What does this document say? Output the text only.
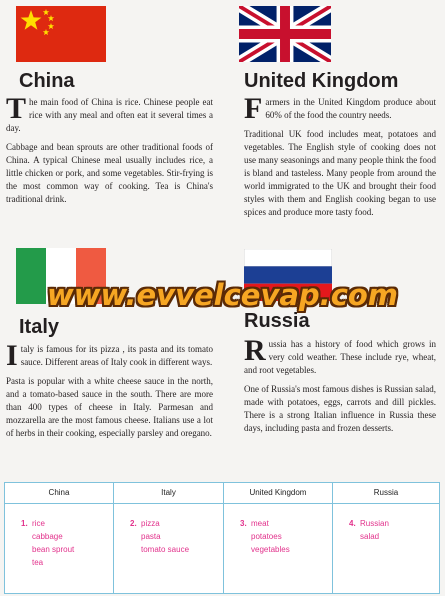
China

The main food of China is rice. Chinese people eat rice with any meal and often eat it several times a day.

Cabbage and bean sprouts are other traditional foods of China. A typical Chinese meal usually includes rice, a little chicken or pork, and some vegetables. Stir-frying is the most common way of cooking. Tea is China's traditional drink.

United Kingdom

Farmers in the United Kingdom produce about 60% of the food the country needs.

Traditional UK food includes meat, potatoes and vegetables. The English style of cooking does not use many seasonings and many people think the food is bland and tasteless. Many people from around the world immigrated to the UK and brought their food styles with them and English cooking began to use spices and produce more tasty food.

Italy

Italy is famous for its pizza , its pasta and its tomato sauce. Different areas of Italy cook in different ways.

Pasta is popular with a white cheese sauce in the north, and a tomato-based sauce in the south. There are more than 400 types of cheese in Italy. Parmesan and mozzarella are the most famous cheese. Italians use a lot of herbs in their cooking, especially parsley and oregano.

Russia

Russia has a history of food which grows in very cold weather. These include rye, wheat, and root vegetables.

One of Russia's most famous dishes is Russian salad, made with potatoes, eggs, carrots and dill pickles. There is a strong Italian influence in Russia these days, including pasta and frozen desserts.

www.evvelcevap.com
China
1. rice
cabbage
bean sprout
tea
Italy
2. pizza
pasta
tomato sauce
United Kingdom
3. meat
potatoes
vegetables
Russia
4. Russian
salad
